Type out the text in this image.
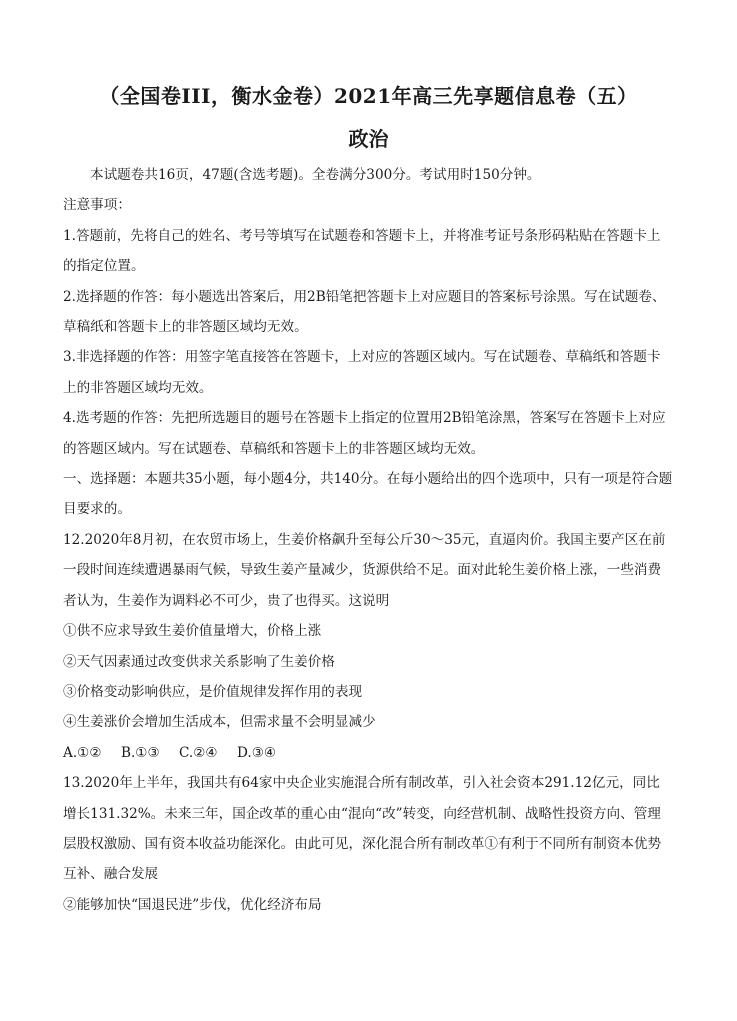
（全国卷III，衡水金卷）2021年高三先享题信息卷（五）
政治

本试题卷共16页，47题(含选考题)。全卷满分300分。考试用时150分钟。

注意事项：

1.答题前，先将自己的姓名、考号等填写在试题卷和答题卡上，并将准考证号条形码粘贴在答题卡上的指定位置。

2.选择题的作答：每小题选出答案后，用2B铅笔把答题卡上对应题目的答案标号涂黑。写在试题卷、草稿纸和答题卡上的非答题区域均无效。

3.非选择题的作答：用签字笔直接答在答题卡，上对应的答题区域内。写在试题卷、草稿纸和答题卡上的非答题区域均无效。

4.选考题的作答：先把所选题目的题号在答题卡上指定的位置用2B铅笔涂黑，答案写在答题卡上对应的答题区域内。写在试题卷、草稿纸和答题卡上的非答题区域均无效。

一、选择题：本题共35小题，每小题4分，共140分。在每小题给出的四个选项中，只有一项是符合题目要求的。

12.2020年8月初，在农贸市场上，生姜价格飙升至每公斤30～35元，直逼肉价。我国主要产区在前一段时间连续遭遇暴雨气候，导致生姜产量减少，货源供给不足。面对此轮生姜价格上涨，一些消费者认为，生姜作为调料必不可少，贵了也得买。这说明

①供不应求导致生姜价值量增大，价格上涨

②天气因素通过改变供求关系影响了生姜价格

③价格变动影响供应，是价值规律发挥作用的表现

④生姜涨价会增加生活成本，但需求量不会明显减少

A.①② B.①③ C.②④ D.③④

13.2020年上半年，我国共有64家中央企业实施混合所有制改革，引入社会资本291.12亿元，同比增长131.32%。未来三年，国企改革的重心由“混向“改”转变，向经营机制、战略性投资方向、管理层股权激励、国有资本收益功能深化。由此可见，深化混合所有制改革①有利于不同所有制资本优势互补、融合发展

②能够加快“国退民进”步伐，优化经济布局
